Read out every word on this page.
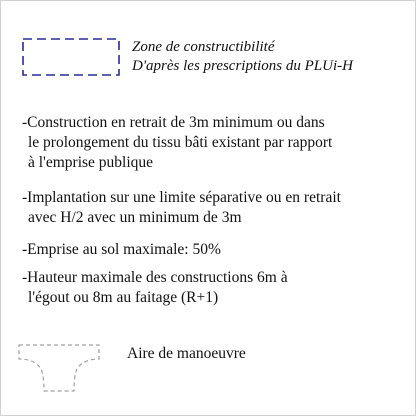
Zone de constructibilité
D'après les prescriptions du PLUi-H
-Construction en retrait de 3m minimum ou dans
le prolongement du tissu bâti existant par rapport
à l'emprise publique
-Implantation sur une limite séparative ou en retrait
avec H/2 avec un minimum de 3m
-Emprise au sol maximale: 50%
-Hauteur maximale des constructions 6m à
l'égout ou 8m au faitage (R+1)
Aire de manoeuvre
